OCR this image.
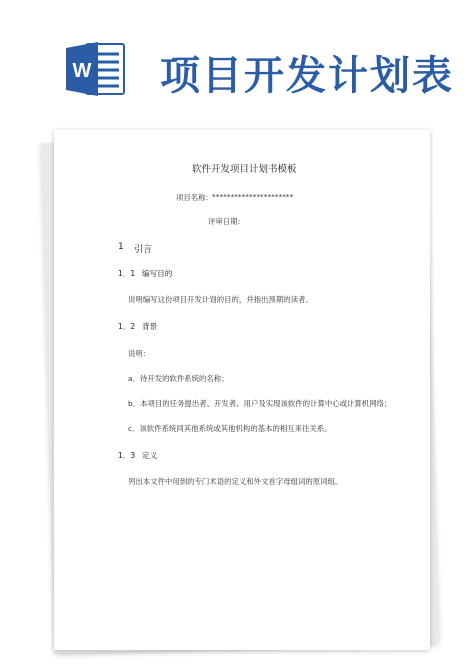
W 项目开发计划表
软件开发项目计划书模板
项目名称: **********************
评审日期:
1 引言
1．1 编写目的
说明编写这份项目开发计划的目的，并指出预期的读者。
1．2 背景
说明：
a．待开发的软件系统的名称；
b．本项目的任务提出者、开发者、用户及实现该软件的计算中心或计算机网络；
c．该软件系统同其他系统或其他机构的基本的相互来往关系。
1．3 定义
列出本文件中用到的专门术语的定义和外文首字母组词的原词组。
